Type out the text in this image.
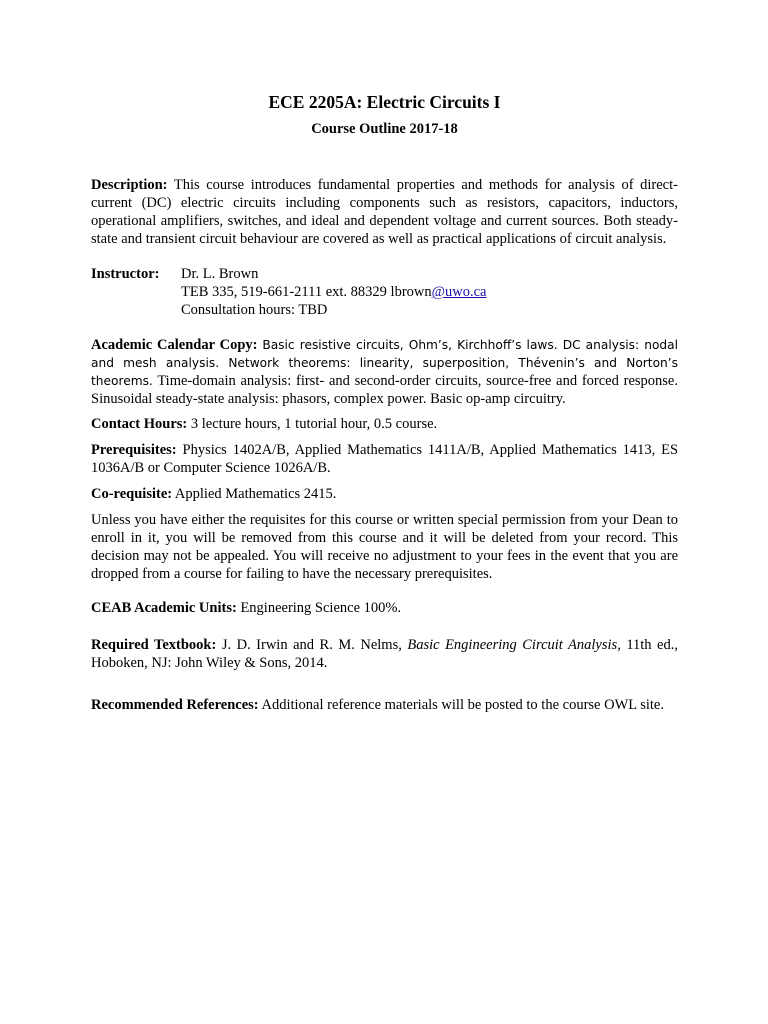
ECE 2205A: Electric Circuits I
Course Outline 2017-18
Description: This course introduces fundamental properties and methods for analysis of direct-current (DC) electric circuits including components such as resistors, capacitors, inductors, operational amplifiers, switches, and ideal and dependent voltage and current sources. Both steady-state and transient circuit behaviour are covered as well as practical applications of circuit analysis.
Instructor: Dr. L. Brown
TEB 335, 519-661-2111 ext. 88329 lbrown@uwo.ca
Consultation hours: TBD
Academic Calendar Copy: Basic resistive circuits, Ohm’s, Kirchhoff’s laws. DC analysis: nodal and mesh analysis. Network theorems: linearity, superposition, Thévenin’s and Norton’s theorems. Time-domain analysis: first- and second-order circuits, source-free and forced response. Sinusoidal steady-state analysis: phasors, complex power. Basic op-amp circuitry.
Contact Hours: 3 lecture hours, 1 tutorial hour, 0.5 course.
Prerequisites: Physics 1402A/B, Applied Mathematics 1411A/B, Applied Mathematics 1413, ES 1036A/B or Computer Science 1026A/B.
Co-requisite: Applied Mathematics 2415.
Unless you have either the requisites for this course or written special permission from your Dean to enroll in it, you will be removed from this course and it will be deleted from your record. This decision may not be appealed. You will receive no adjustment to your fees in the event that you are dropped from a course for failing to have the necessary prerequisites.
CEAB Academic Units: Engineering Science 100%.
Required Textbook: J. D. Irwin and R. M. Nelms, Basic Engineering Circuit Analysis, 11th ed., Hoboken, NJ: John Wiley & Sons, 2014.
Recommended References: Additional reference materials will be posted to the course OWL site.
